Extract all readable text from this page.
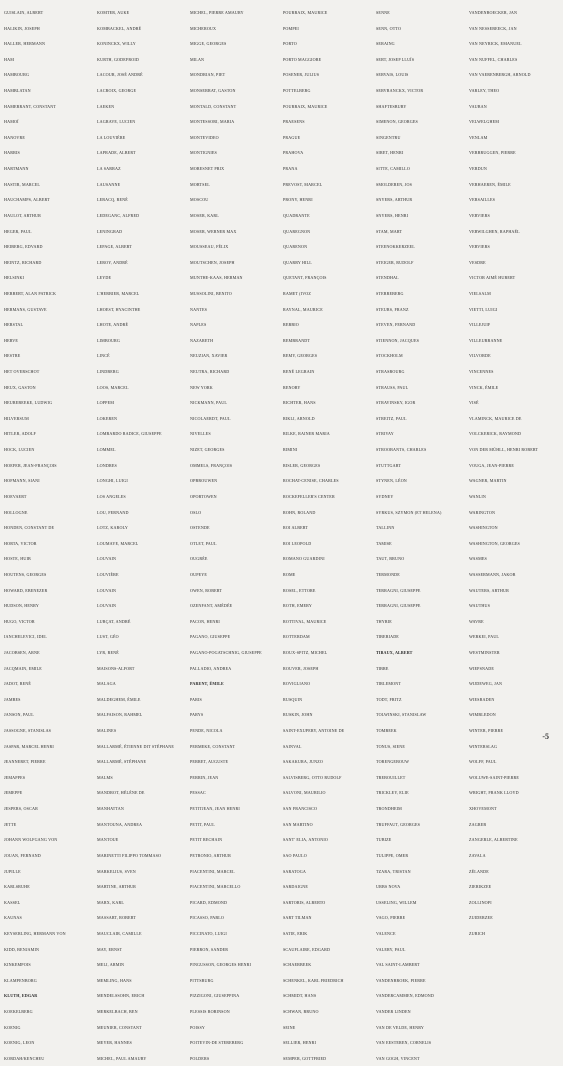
GUISLAIN, ALBERT
HALIKIN, JOSEPH
HALLER, HERMANN
HAM
HAMBOURG
HAMBLATAN
HAMERRANT, CONSTANT
HAMOÏ
HANOVRE
HARRIS
HARTMANN
HASTIR, MARCEL
HAUCHAMPS, ALBERT
HAULOT, ARTHUR
HEGER, PAUL
HEIBERG, EDVARD
HEINTZ, RICHARD
HELSINKI
HERBERT, ALAN PATRICK
HERMANS, GUSTAVE
HERSTAL
HERVE
HESTRE
HET OVERSCHOT
HEUX, GASTON
HEUREBEEKE, LUDWIG
HILVERSUM
HITLER, ADOLF
HOCK, LUCIEN
HOEFER, JEAN-FRANÇOIS
HOFMANN, SIANI
HOEVAERT
HOLLOGNE
HONDEN, CONSTANT DE
HORTA, VICTOR
HOSTE, HUIB
HOUTENS, GEORGES
HOWARD, EBENEZER
HUDSON, HENRY
HUGO, VICTOR
IANCHELEVICI, IDEL
JACOBSEN, ARNE
JACQMAIN, EMILE
JADOT, RENÉ
JAMBES
JANSON, PAUL
JASSOGNE, STANISLAS
JASPAR, MARCEL HENRI
JEANNERET, PIERRE
JEMAPPES
JEMEPPE
JESPERS, OSCAR
JETTE
JOHANN WOLFGANG VON
JOUAN, FERNAND
JUPILLE
KARLSRUHE
KASSEL
KAUNAS
KEYSERLING, HERMANN VON
KIDD, BENJAMIN
KINKEMPOIS
KLAMPENBORG
KLUTH, EDGAR
KOEKELBERG
KOENIG
KOENIG, LEON
KORDAH/KENCHEU
KOMTER, AUKE
KOMBACKEL, ANDRÉ
KONINCKX, WILLY
KURTH, GODEFROID
LACOUR, JOSÉ ANDRÉ
LACROIX, GEORGE
LAEKEN
LAGRAVE, LUCIEN
LA LOUVIÈRE
LAPRADE, ALBERT
LA SARRAZ
LAUSANNE
LEBACQ, RENÉ
LEDEGANC, ALFRED
LENINGRAD
LEPAGE, ALBERT
LEROY, ANDRÉ
LEYDE
L'HERBIER, MARCEL
LHOEST, HYACINTHE
LHOTE, ANDRÉ
LIMBOURG
LINCÉ
LINDBERG
LOOS, MARCEL
LOPPEM
LOKEREN
LOMBARDO RADICE, GIUSEPPE
LOMMEL
LONDRES
LONGHI, LUIGI
LOS ANGELES
LOU, FERNAND
LOTZ, KAROLY
LOUMAYE, MARCEL
LOUVAIN
LOUVIÈRE
LOUVAIN
LOUVAIN
LURÇAT, ANDRÉ
LUST, GÉO
LYR, RENÉ
MAISONS-ALFORT
MALAGA
MALDEGHEM, ÉMILE
MALFAISON, RAHMEL
MALINES
MALLARMÉ, ÉTIENNE DIT STÉPHANE
MALLARMÉ, STÉPHANE
MALMS
MANDROT, HÉLÈNE DE
MANHATTAN
MANTOUNA, ANDREA
MANTOUE
MARINETTI FILIPPO TOMMASO
MARKELIUS, SVEN
MARTINE, ARTHUR
MARX, KARL
MASSART, ROBERT
MAUCLAIR, CAMILLE
MAY, ERNST
MELI, ARMIN
MEMLING, HANS
MENDELSSOHN, ERICH
MERKELBACH, BEN
MEUNIER, CONSTANT
MEYER, HANNES
MICHEL, PAUL AMAURY
MICHEL, PIERRE AMAURY
MICHEROUX
MIGGE, GEORGES
MILAN
MONDRIAN, PIET
MONSERRAT, GASTON
MONTALD, CONSTANT
MONTESSORI, MARIA
MONTEVIDEO
MONTIGNIES
MORESNET PRIX
MORTSEL
MOSCOU
MOSER, KARL
MOSER, WERNER MAX
MOUSSEAU, FÉLIX
MOUTSCHEN, JOSEPH
MUNTHE-KAAS, HERMAN
MUSSOLINI, BENITO
NANTES
NAPLES
NAZARETH
NEUZIAN, XAVIER
NEUTRA, RICHARD
NEW YORK
NICKMANN, PAUL
NICOLAERDT, PAUL
NIVELLES
NIZET, GEORGES
OMMELS, FRANÇOIS
OPBROUWEN
OPORTOWEN
OSLO
OSTENDE
OTLET, PAUL
OUGRÉE
OUPEYE
OWEN, ROBERT
OZENFANT, AMÉDÉE
PACON, HENRI
PAGANO, GIUSEPPE
PAGANO-POGATSCHNIG, GIUSEPPE
PALLADIO, ANDREA
PARENT, ÉMILE
PARIS
PARYS
PENDE, NICOLA
PERMEKE, CONSTANT
PERRET, AUGUSTE
PERRIN, JEAN
PESSAC
PETITJEAN, JEAN HENRI
PETIT, PAUL
PETIT RECHAIN
PETRONIO, ARTHUR
PIACENTINI, MARCEL
PIACENTINI, MARCELLO
PICARD, EDMOND
PICASSO, PABLO
PICCINATO, LUIGI
PIERRON, SANDER
PINGUSSON, GEORGES HENRI
PITTSBURG
PIZZIGONI, GIUSEPPINA
PLESSIS ROBINSON
POISSY
POITEVIN-DE STEREBERG
POLDERS
POURBAIX, MAURICE
POMPEI
PORTO
PORTO MAGGIORE
POSENER, JULIUS
POTTELBERG
POURBAIX, MAURICE
PRAESENS
PRAGUE
PRAHOVA
PRANA
PREVOST, MARCEL
PRONY, HENRI
QUADRANTE
QUAREGNON
QUARENON
QUARRY HILL
QUETANT, FRANÇOIS
RAMET (IVOZ
RAYNAL, MAURICE
REBBIO
REMBRANDT
REMY, GEORGES
RENÉ LEGRAIN
RENORY
RICHTER, HANS
RIKLI, ARNOLD
RILKE, RAINER MARIA
RIMINI
RISLER, GEORGES
ROCHAT-CENISE, CHARLES
ROCKEFELLER'S CENTER
ROHN, ROLAND
ROI ALBERT
ROI LEOPOLD
ROMANO GUARDINI
ROME
ROSEL, ETTORE
ROTH, EMERY
ROTTIVAL, MAURICE
ROTTERDAM
ROUX-SPITZ, MICHEL
ROUVER, JOSEPH
ROVIGLIANO
RUSQUIN
RUSKIN, JOHN
SAINT-EXUPERY, ANTOINE DE
SAINVAL
SAKAKURA, JUNZO
SALVISBERG, OTTO RUDOLF
SALVONI, MAURILIO
SAN FRANCISCO
SAN MARTINO
SANT' ELIA, ANTONIO
SAO PAULO
SARATOGA
SARDAIGNE
SARTORIS, ALBERTO
SART TILMAN
SATIE, ERIK
SCAUFLAIRE, EDGARD
SCHAERBEEK
SCHENKEL, KARL FRIEDRICH
SCHMIDT, HANS
SCHWAN, BRUNO
SEINE
SELLIER, HENRI
SEMPER, GOTTFRIED
SENNE
SENN, OTTO
SERAING
SERT, JOSEP LLUÍS
SERVAIS, LOUIS
SERVRANCKX, VICTOR
SHAFTESBURY
SIMENON, GEORGES
SINGENTRU
SIRET, HENRI
SITTE, CAMILLO
SMOLDEREN, JOS
SNYERS, ARTHUR
SNYERS, HENRI
STAM, MART
STEENOKKERZEEL
STEIGER, RUDOLF
STENDHAL
STERREBERG
STEURS, FRANZ
STEVEN, FERNAND
STIENNON, JACQUES
STOCKHOLM
STRASBOURG
STRAUSS, PAUL
STRAVINSKY, IGOR
STREITZ, PAUL
STRIVAY
STROOBANTS, CHARLES
STUTTGART
STYNEN, LÉON
SYDNEY
SYRKUS, SZYMON (ET HELENA)
TALLINN
TAMISE
TAUT, BRUNO
TERMONDE
TERRAGNI, GIUSEPPE
TERRAGNI, GIUSEPPE
THYRIE
TIBERIADE
TIBAUX, ALBERT
TIBRE
TIRLEMONT
TODT, FRITZ
TOLWINSKI, STANISLAW
TOMBEEK
TONUS, SIENE
TORENGEBOUW
TREBOUILLET
TRICKLEY, ELIE
TRONDHEIM
TRUFFAUT, GEORGES
TUBIZE
TULIPPE, OMER
TZARA, TRISTAN
URBS NOVA
USSELING, WILLEM
VAGO, PIERRE
VALENCE
VALERY, PAUL
VAL SAINT-LAMBERT
VANDENBROEK, PIERRE
VANDERCAMMEN, EDMOND
VANDER LINDEN
VAN DE VELDE, HENRY
VAN EESTEREN, CORNELIS
VAN GOGH, VINCENT
VANDENBOECKER, JAN
VAN NESSEBEECK, JAN
VAN NEYRICK, EMANUEL
VAN NUFFEL, CHARLES
VAN VAERENBERGH, ARNOLD
VARLEY, THEO
VAUBAN
VELWELGHEM
VENLAM
VERBRUGGEN, PIERRE
VERDUN
VERHAEREN, ÉMILE
VERSAILLES
VERVIERS
VERWILGHEN, RAPHAËL
VERVIERS
VESDRE
VICTOR AIMÉ HUBERT
VIELSALM
VIETTI, LUIGI
VILLEJUIF
VILLEURBANNE
VILVORDE
VINCENNES
VINCK, ÉMILE
VISÉ
VLAMINCK, MAURICE DE
VOLCKERICK, RAYMOND
VON DER MÜHLL, HENRI ROBERT
VOUGA, JEAN-PIERRE
WAGNER, MARTIN
WANLIN
WARINGTON
WASHINGTON
WASHINGTON, GEORGES
WASMES
WASSERMANN, JAKOB
WAUTERS, ARTHUR
WAUTHUS
WAVRE
WERKEI, PAUL
WESTMINSTER
WIEPSNADE
WIJDEWEG, JAN
WIESBADEN
WIMBLEDON
WINTER, PIERRE
WINTERSLAG
WOLFF, PAUL
WOLUWE-SAINT-PIERRE
WRIGHT, FRANK LLOYD
XHOVEMONT
ZAGREB
ZANGERLE, ALBERTINE
ZAVALA
ZÉLANDE
ZIERIKZEE
ZOLLINOPI
ZUIDERZEE
ZURICH
-5
